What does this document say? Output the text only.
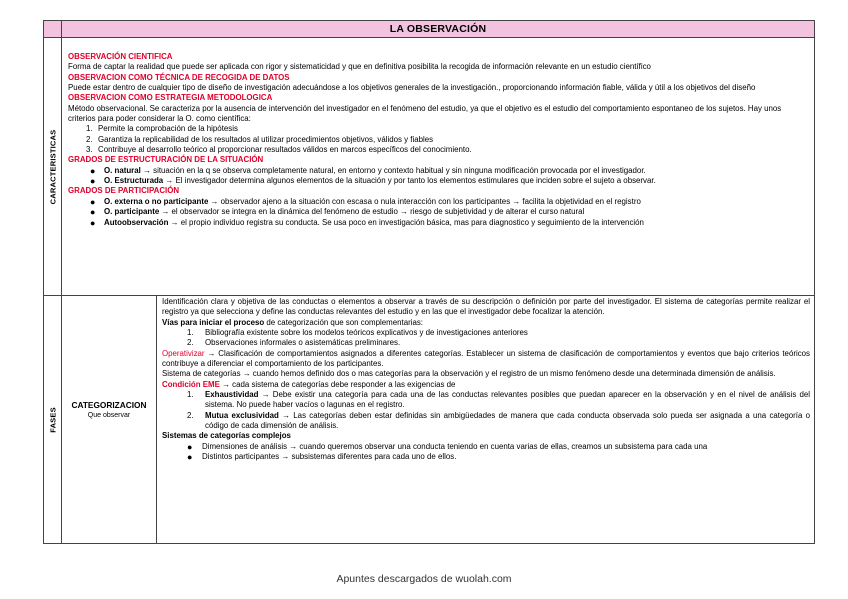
LA OBSERVACIÓN
CARACTERISTICAS

OBSERVACIÓN CIENTIFICA

Forma de captar la realidad que puede ser aplicada con rigor y sistematicidad y que en definitiva posibilita la recogida de información relevante en un estudio científico

OBSERVACION COMO TÉCNICA DE RECOGIDA DE DATOS

Puede estar dentro de cualquier tipo de diseño de investigación adecuándose a los objetivos generales de la investigación., proporcionando información fiable, válida y útil a los objetivos del diseño

OBSERVACION COMO ESTRATEGIA METODOLOGICA

Método observacional. Se caracteriza por la ausencia de intervención del investigador en el fenómeno del estudio, ya que el objetivo es el estudio del comportamiento espontaneo de los sujetos. Hay unos criterios para poder considerar la O. como científica:

1. Permite la comprobación de la hipótesis
2. Garantiza la replicabilidad de los resultados al utilizar procedimientos objetivos, válidos y fiables
3. Contribuye al desarrollo teórico al proporcionar resultados válidos en marcos específicos del conocimiento.

GRADOS DE ESTRUCTURACIÓN DE LA SITUACIÓN

● O. natural → situación en la q se observa completamente natural, en entorno y contexto habitual y sin ninguna modificación provocada por el investigador.
● O. Estructurada → El investigador determina algunos elementos de la situación y por tanto los elementos estimulares que inciden sobre el sujeto a observar.

GRADOS DE PARTICIPACIÓN

● O. externa o no participante → observador ajeno a la situación con escasa o nula interacción con los participantes → facilita la objetividad en el registro
● O. participante → el observador se integra en la dinámica del fenómeno de estudio → riesgo de subjetividad y de alterar el curso natural
● Autoobservación → el propio individuo registra su conducta. Se usa poco en investigación básica, mas para diagnostico y seguimiento de la intervención
FASES
CATEGORIZACION
Que observar

Identificación clara y objetiva de las conductas o elementos a observar a través de su descripción o definición por parte del investigador. El sistema de categorías permite realizar el registro ya que selecciona y define las conductas relevantes del estudio y en las que el investigador debe focalizar la atención.

Vías para iniciar el proceso de categorización que son complementarias:

1. Bibliografía existente sobre los modelos teóricos explicativos y de investigaciones anteriores
2. Observaciones informales o asistemáticas preliminares.

Operativizar → Clasificación de comportamientos asignados a diferentes categorías. Establecer un sistema de clasificación de comportamientos y eventos que bajo criterios teóricos contribuye a diferenciar el comportamiento de los participantes.

Sistema de categorías → cuando hemos definido dos o mas categorías para la observación y el registro de un mismo fenómeno desde una determinada dimensión de análisis.

Condición EME → cada sistema de categorías debe responder a las exigencias de

1. Exhaustividad → Debe existir una categoría para cada una de las conductas relevantes posibles que puedan aparecer en la observación y en el nivel de análisis del sistema. No puede haber vacíos o lagunas en el registro.
2. Mutua exclusividad → Las categorías deben estar definidas sin ambigüedades de manera que cada conducta observada solo pueda ser asignada a una categoría o código de cada dimensión de análisis.

Sistemas de categorías complejos

● Dimensiones de análisis → cuando queremos observar una conducta teniendo en cuenta varias de ellas, creamos un subsistema para cada una
● Distintos participantes → subsistemas diferentes para cada uno de ellos.
Apuntes descargados de wuolah.com
